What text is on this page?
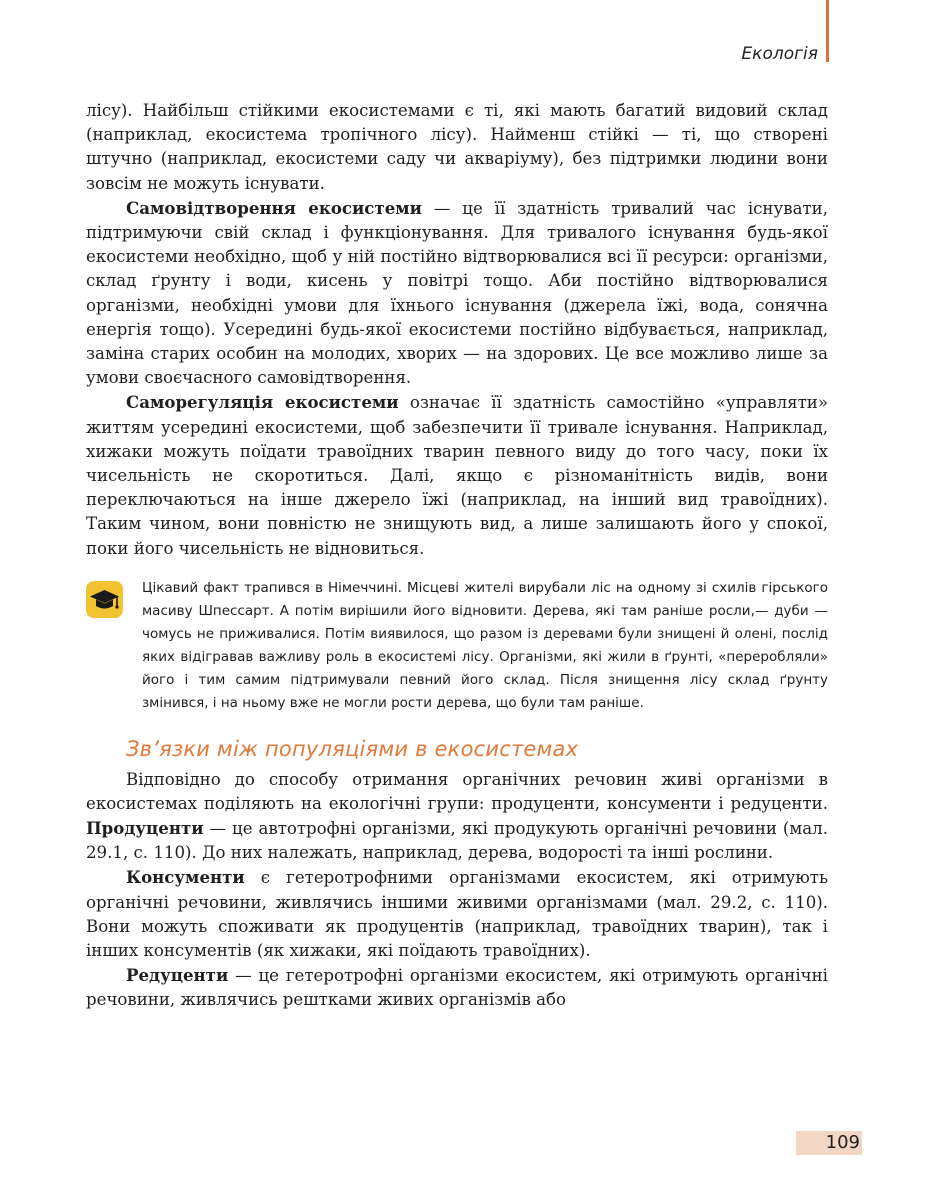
Екологія

лісу). Найбільш стійкими екосистемами є ті, які мають багатий видовий склад (наприклад, екосистема тропічного лісу). Найменш стійкі — ті, що створені штучно (наприклад, екосистеми саду чи акваріуму), без підтримки людини вони зовсім не можуть існувати.

Самовідтворення екосистеми — це її здатність тривалий час існувати, підтримуючи свій склад і функціонування. Для тривалого існування будь-якої екосистеми необхідно, щоб у ній постійно відтворювалися всі її ресурси: організми, склад ґрунту і води, кисень у повітрі тощо. Аби постійно відтворювалися організми, необхідні умови для їхнього існування (джерела їжі, вода, сонячна енергія тощо). Усередині будь-якої екосистеми постійно відбувається, наприклад, заміна старих особин на молодих, хворих — на здорових. Це все можливо лише за умови своєчасного самовідтворення.

Саморегуляція екосистеми означає її здатність самостійно «управляти» життям усередині екосистеми, щоб забезпечити її тривале існування. Наприклад, хижаки можуть поїдати травоїдних тварин певного виду до того часу, поки їх чисельність не скоротиться. Далі, якщо є різноманітність видів, вони переключаються на інше джерело їжі (наприклад, на інший вид травоїдних). Таким чином, вони повністю не знищують вид, а лише залишають його у спокої, поки його чисельність не відновиться.

Цікавий факт трапився в Німеччині. Місцеві жителі вирубали ліс на одному зі схилів гірського масиву Шпессарт. А потім вирішили його відновити. Дерева, які там раніше росли,— дуби — чомусь не приживалися. Потім виявилося, що разом із деревами були знищені й олені, послід яких відігравав важливу роль в екосистемі лісу. Організми, які жили в ґрунті, «переробляли» його і тим самим підтримували певний його склад. Після знищення лісу склад ґрунту змінився, і на ньому вже не могли рости дерева, що були там раніше.
Зв’язки між популяціями в екосистемах

Відповідно до способу отримання органічних речовин живі організми в екосистемах поділяють на екологічні групи: продуценти, консументи і редуценти. Продуценти — це автотрофні організми, які продукують органічні речовини (мал. 29.1, с. 110). До них належать, наприклад, дерева, водорості та інші рослини.

Консументи є гетеротрофними організмами екосистем, які отримують органічні речовини, живлячись іншими живими організмами (мал. 29.2, с. 110). Вони можуть споживати як продуцентів (наприклад, травоїдних тварин), так і інших консументів (як хижаки, які поїдають травоїдних).

Редуценти — це гетеротрофні організми екосистем, які отримують органічні речовини, живлячись рештками живих організмів або

109
